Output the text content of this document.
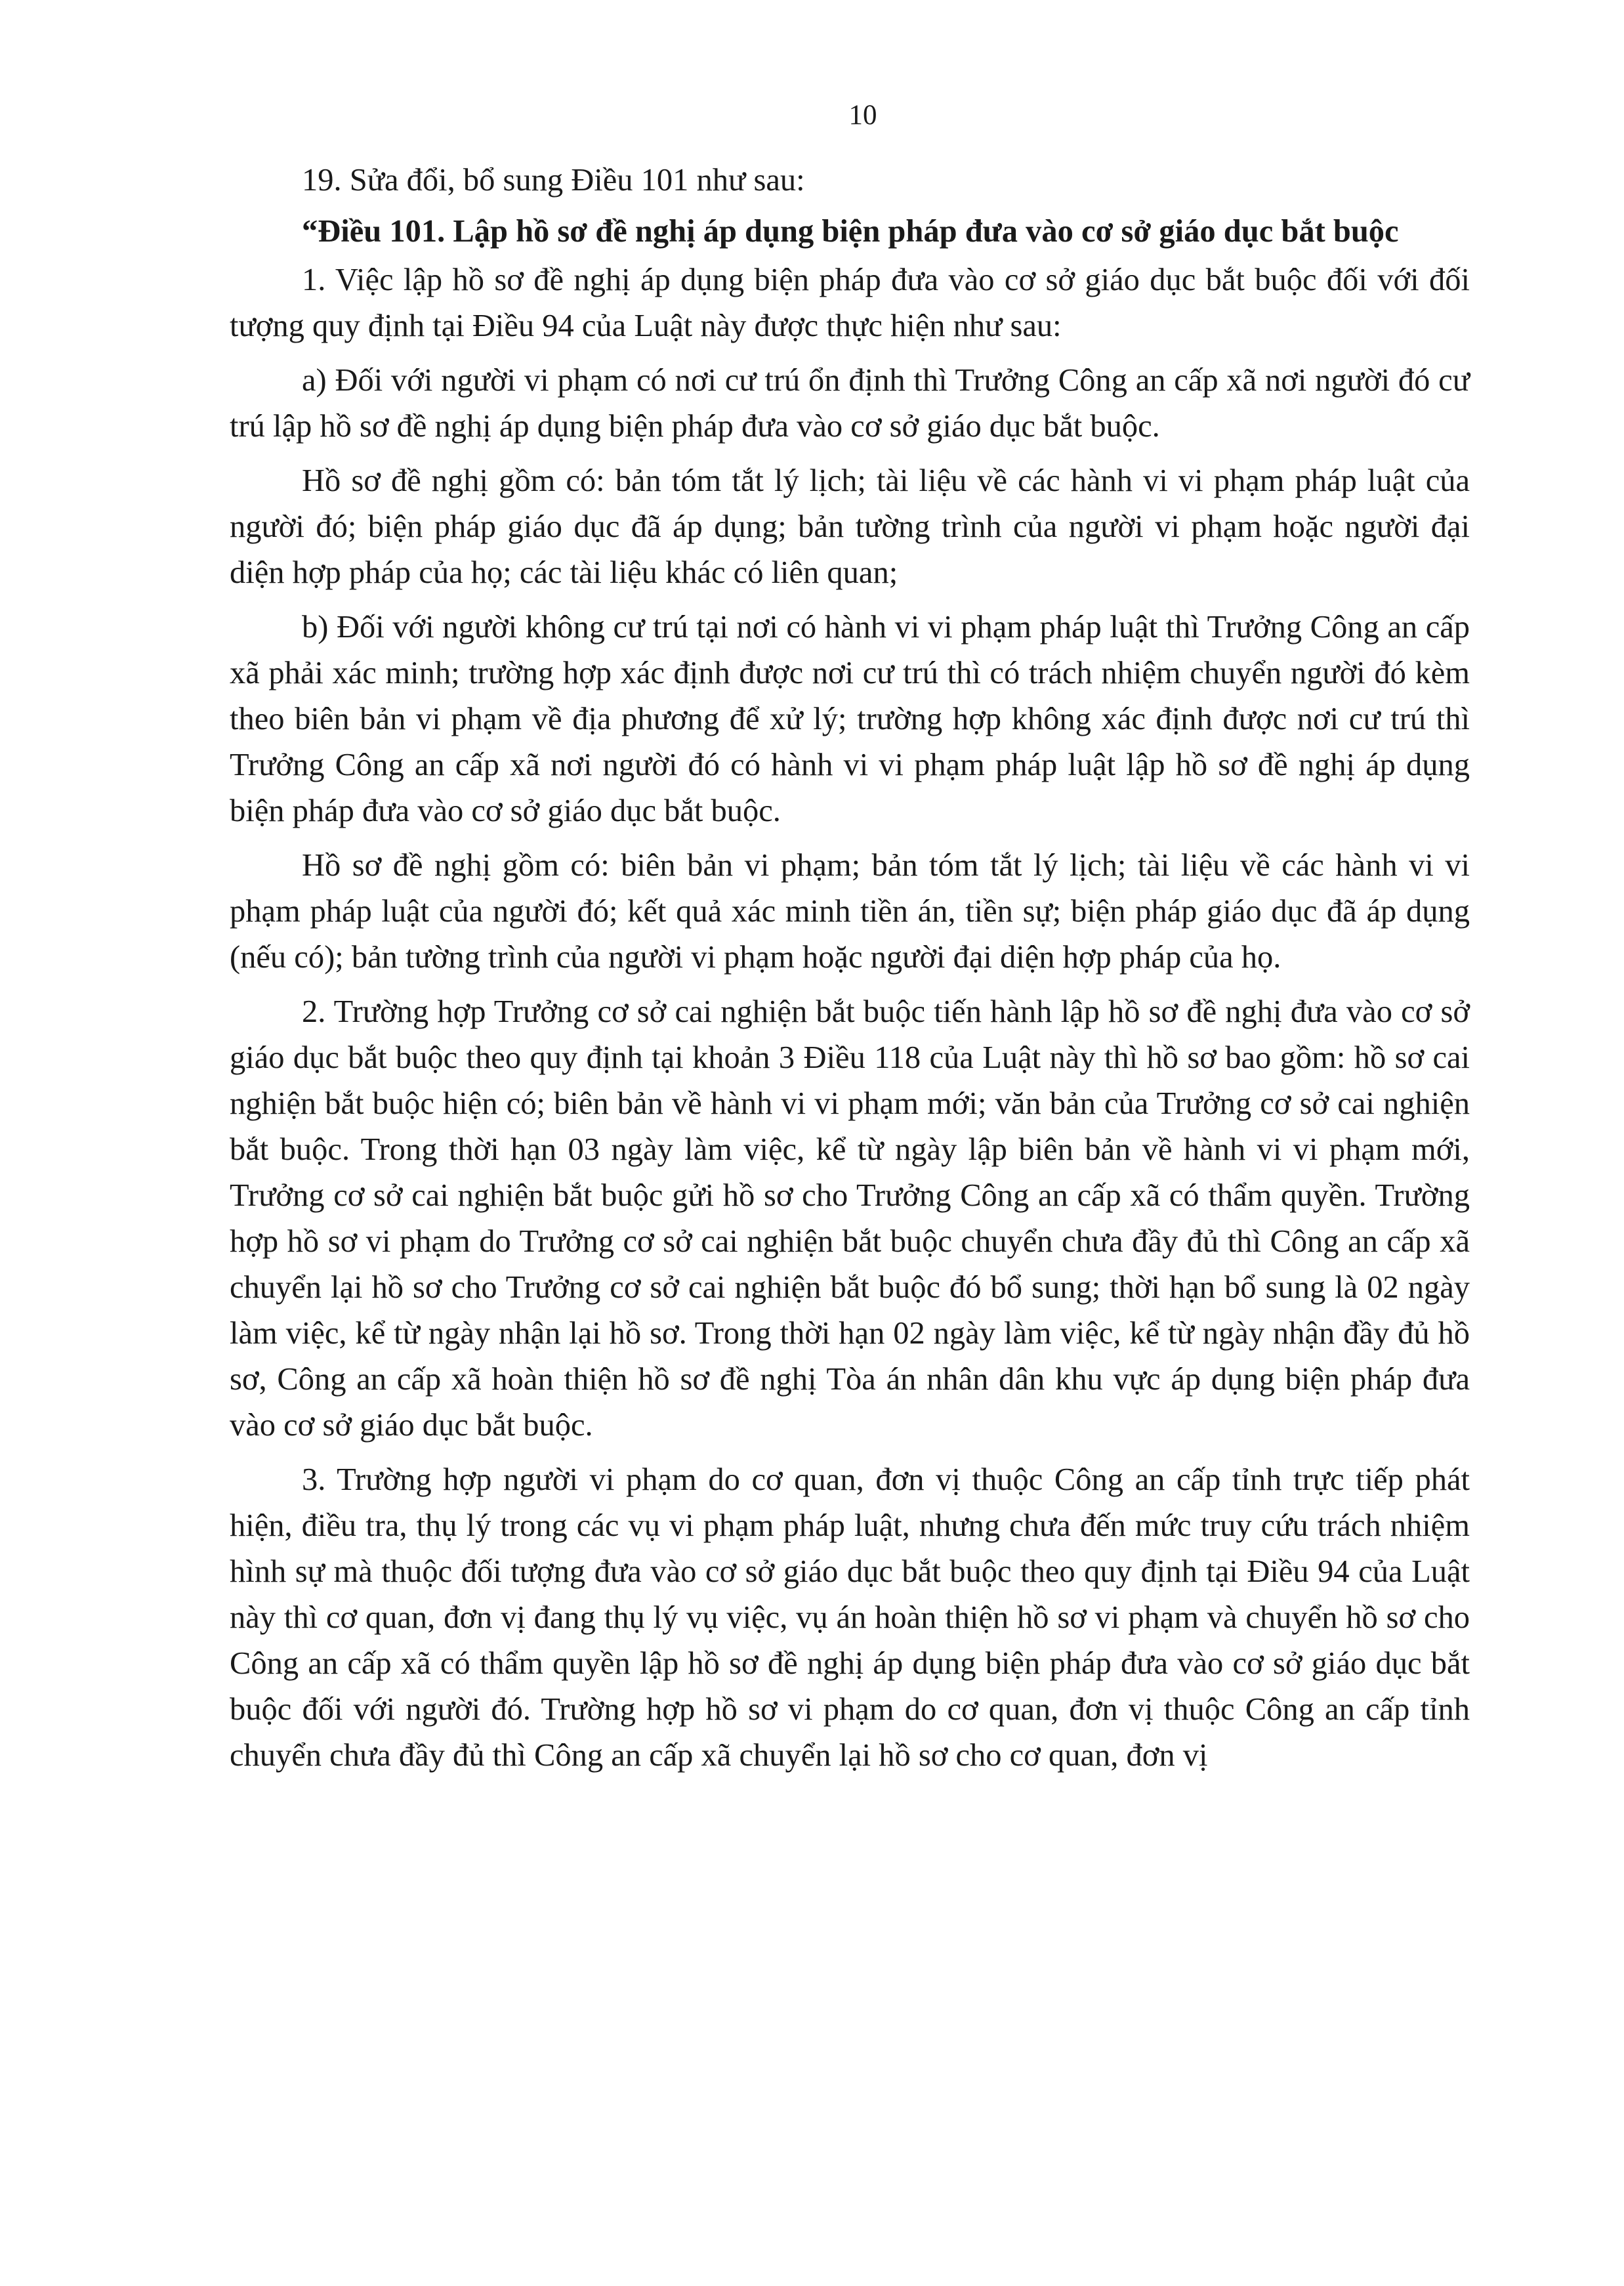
10

19. Sửa đổi, bổ sung Điều 101 như sau:

“Điều 101. Lập hồ sơ đề nghị áp dụng biện pháp đưa vào cơ sở giáo dục bắt buộc

1. Việc lập hồ sơ đề nghị áp dụng biện pháp đưa vào cơ sở giáo dục bắt buộc đối với đối tượng quy định tại Điều 94 của Luật này được thực hiện như sau:

a) Đối với người vi phạm có nơi cư trú ổn định thì Trưởng Công an cấp xã nơi người đó cư trú lập hồ sơ đề nghị áp dụng biện pháp đưa vào cơ sở giáo dục bắt buộc.

Hồ sơ đề nghị gồm có: bản tóm tắt lý lịch; tài liệu về các hành vi vi phạm pháp luật của người đó; biện pháp giáo dục đã áp dụng; bản tường trình của người vi phạm hoặc người đại diện hợp pháp của họ; các tài liệu khác có liên quan;

b) Đối với người không cư trú tại nơi có hành vi vi phạm pháp luật thì Trưởng Công an cấp xã phải xác minh; trường hợp xác định được nơi cư trú thì có trách nhiệm chuyển người đó kèm theo biên bản vi phạm về địa phương để xử lý; trường hợp không xác định được nơi cư trú thì Trưởng Công an cấp xã nơi người đó có hành vi vi phạm pháp luật lập hồ sơ đề nghị áp dụng biện pháp đưa vào cơ sở giáo dục bắt buộc.

Hồ sơ đề nghị gồm có: biên bản vi phạm; bản tóm tắt lý lịch; tài liệu về các hành vi vi phạm pháp luật của người đó; kết quả xác minh tiền án, tiền sự; biện pháp giáo dục đã áp dụng (nếu có); bản tường trình của người vi phạm hoặc người đại diện hợp pháp của họ.

2. Trường hợp Trưởng cơ sở cai nghiện bắt buộc tiến hành lập hồ sơ đề nghị đưa vào cơ sở giáo dục bắt buộc theo quy định tại khoản 3 Điều 118 của Luật này thì hồ sơ bao gồm: hồ sơ cai nghiện bắt buộc hiện có; biên bản về hành vi vi phạm mới; văn bản của Trưởng cơ sở cai nghiện bắt buộc. Trong thời hạn 03 ngày làm việc, kể từ ngày lập biên bản về hành vi vi phạm mới, Trưởng cơ sở cai nghiện bắt buộc gửi hồ sơ cho Trưởng Công an cấp xã có thẩm quyền. Trường hợp hồ sơ vi phạm do Trưởng cơ sở cai nghiện bắt buộc chuyển chưa đầy đủ thì Công an cấp xã chuyển lại hồ sơ cho Trưởng cơ sở cai nghiện bắt buộc đó bổ sung; thời hạn bổ sung là 02 ngày làm việc, kể từ ngày nhận lại hồ sơ. Trong thời hạn 02 ngày làm việc, kể từ ngày nhận đầy đủ hồ sơ, Công an cấp xã hoàn thiện hồ sơ đề nghị Tòa án nhân dân khu vực áp dụng biện pháp đưa vào cơ sở giáo dục bắt buộc.

3. Trường hợp người vi phạm do cơ quan, đơn vị thuộc Công an cấp tỉnh trực tiếp phát hiện, điều tra, thụ lý trong các vụ vi phạm pháp luật, nhưng chưa đến mức truy cứu trách nhiệm hình sự mà thuộc đối tượng đưa vào cơ sở giáo dục bắt buộc theo quy định tại Điều 94 của Luật này thì cơ quan, đơn vị đang thụ lý vụ việc, vụ án hoàn thiện hồ sơ vi phạm và chuyển hồ sơ cho Công an cấp xã có thẩm quyền lập hồ sơ đề nghị áp dụng biện pháp đưa vào cơ sở giáo dục bắt buộc đối với người đó. Trường hợp hồ sơ vi phạm do cơ quan, đơn vị thuộc Công an cấp tỉnh chuyển chưa đầy đủ thì Công an cấp xã chuyển lại hồ sơ cho cơ quan, đơn vị
